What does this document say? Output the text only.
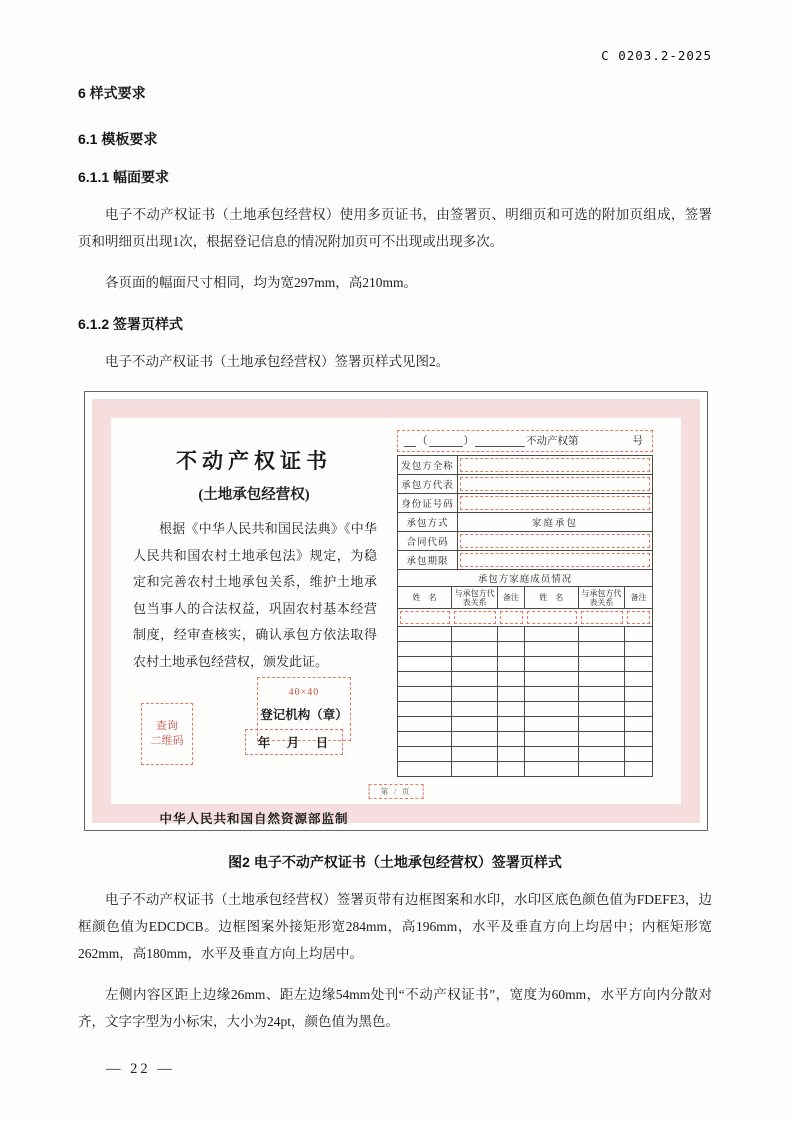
C 0203.2-2025
6 样式要求
6.1 模板要求
6.1.1 幅面要求

电子不动产权证书（土地承包经营权）使用多页证书，由签署页、明细页和可选的附加页组成，签署页和明细页出现1次，根据登记信息的情况附加页可不出现或出现多次。

各页面的幅面尺寸相同，均为宽297mm，高210mm。

6.1.2 签署页样式

电子不动产权证书（土地承包经营权）签署页样式见图2。

不动产权证书
(土地承包经营权)

根据《中华人民共和国民法典》《中华人民共和国农村土地承包法》规定，为稳定和完善农村土地承包关系，维护土地承包当事人的合法权益，巩固农村基本经营制度，经审查核实，确认承包方依法取得农村土地承包经营权，颁发此证。

查询
二维码
40×40
登记机构（章）
年　月　日
中华人民共和国自然资源部监制
（	）	不动产权第	号
发包方全称
承包方代表
身份证号码
承包方式	家庭承包
合同代码
承包期限
承包方家庭成员情况
姓　名	与承包方代表关系	备注	姓　名	与承包方代表关系	备注
第 / 页
图2 电子不动产权证书（土地承包经营权）签署页样式

电子不动产权证书（土地承包经营权）签署页带有边框图案和水印，水印区底色颜色值为FDEFE3，边框颜色值为EDCDCB。边框图案外接矩形宽284mm，高196mm，水平及垂直方向上均居中；内框矩形宽262mm，高180mm，水平及垂直方向上均居中。

左侧内容区距上边缘26mm、距左边缘54mm处刊“不动产权证书”，宽度为60mm，水平方向内分散对齐，文字字型为小标宋，大小为24pt，颜色值为黑色。

— 22 —
